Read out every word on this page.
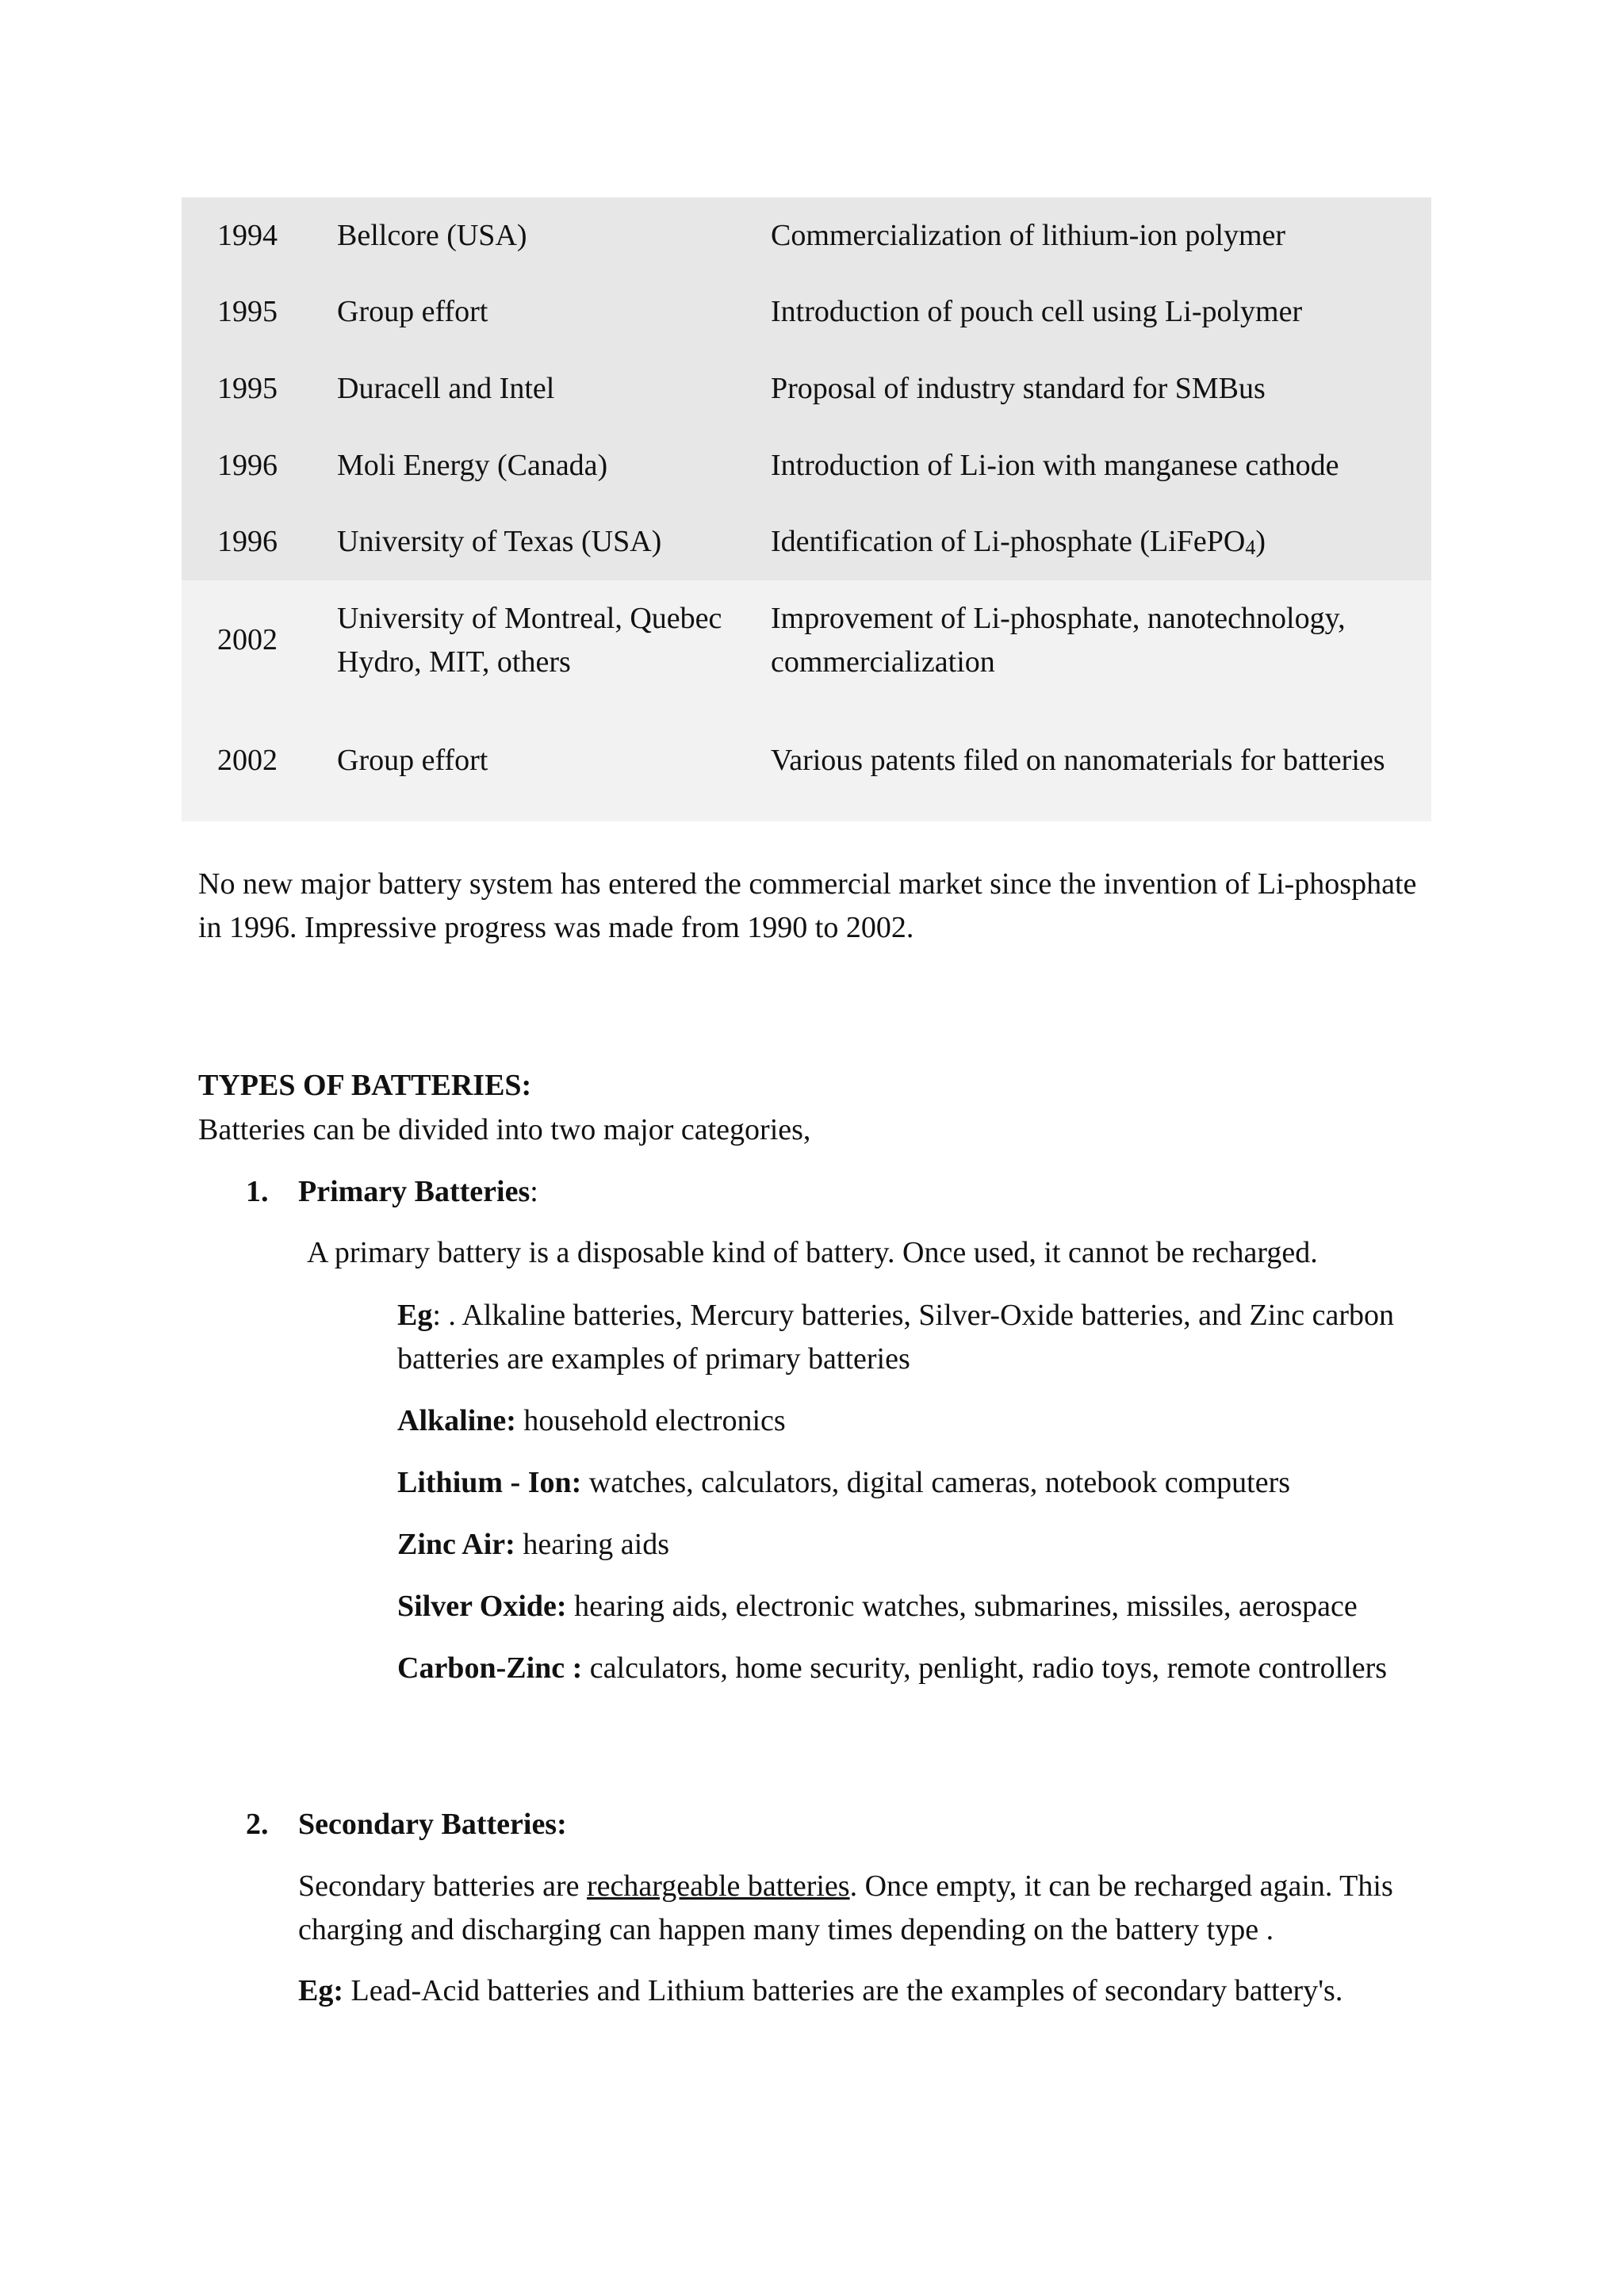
1994	Bellcore (USA)	Commercialization of lithium-ion polymer
1995	Group effort	Introduction of pouch cell using Li-polymer
1995	Duracell and Intel	Proposal of industry standard for SMBus
1996	Moli Energy (Canada)	Introduction of Li-ion with manganese cathode
1996	University of Texas (USA)	Identification of Li-phosphate (LiFePO$_4$)
2002	University of Montreal, Quebec Hydro, MIT, others	Improvement of Li-phosphate, nanotechnology, commercialization
2002	Group effort	Various patents filed on nanomaterials for batteries

No new major battery system has entered the commercial market since the invention of Li-phosphate in 1996. Impressive progress was made from 1990 to 2002.

TYPES OF BATTERIES:
Batteries can be divided into two major categories,
1. Primary Batteries:
A primary battery is a disposable kind of battery. Once used, it cannot be recharged.

Eg: . Alkaline batteries, Mercury batteries, Silver-Oxide batteries, and Zinc carbon batteries are examples of primary batteries

Alkaline: household electronics

Lithium - Ion: watches, calculators, digital cameras, notebook computers

Zinc Air: hearing aids

Silver Oxide: hearing aids, electronic watches, submarines, missiles, aerospace

Carbon-Zinc : calculators, home security, penlight, radio toys, remote controllers

2. Secondary Batteries:

Secondary batteries are rechargeable batteries. Once empty, it can be recharged again. This charging and discharging can happen many times depending on the battery type .

Eg: Lead-Acid batteries and Lithium batteries are the examples of secondary battery's.
